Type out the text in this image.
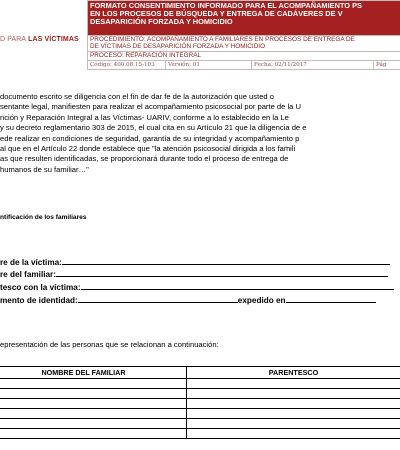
D PARA LAS VÍCTIMAS
FORMATO CONSENTIMIENTO INFORMADO PARA EL ACOMPAÑAMIENTO PS
EN LOS PROCESOS DE BÚSQUEDA Y ENTREGA DE CADÁVERES DE V
DESAPARICIÓN FORZADA Y HOMICIDIO

PROCEDIMIENTO: ACOMPAÑAMIENTO A FAMILIARES EN PROCESOS DE ENTREGA DE
DE VÍCTIMAS DE DESAPARICIÓN FORZADA Y HOMICIDIO

PROCESO: REPARACIÓN INTEGRAL
Código: 400.08.15-103	Versión: 01	Fecha: 02/11/2017	Pág
documento escrito se diligencia con el fin de dar fe de la autorización que usted o
sentante legal, manifiesten para realizar el acompañamiento psicosocial por parte de la U
nción y Reparación Integral a las Víctimas- UARIV, conforme a lo establecido en la Le
y su decreto reglamentario 303 de 2015, el cual cita en su Artículo 21 que la diligencia de e
ede realizar en condiciones de seguridad, garantía de su integridad y acompañamiento p
al que en el Artículo 22 donde establece que "la atención psicosocial dirigida a los famili
as que resulten identificadas, se proporcionará durante todo el proceso de entrega de
humanos de su familiar…"
ntificación de los familiares
re de la víctima:
re del familiar:
tesco con la víctima:
mento de identidad:	expedido en
epresentación de las personas que se relacionan a continuación:
NOMBRE DEL FAMILIAR	PARENTESCO
